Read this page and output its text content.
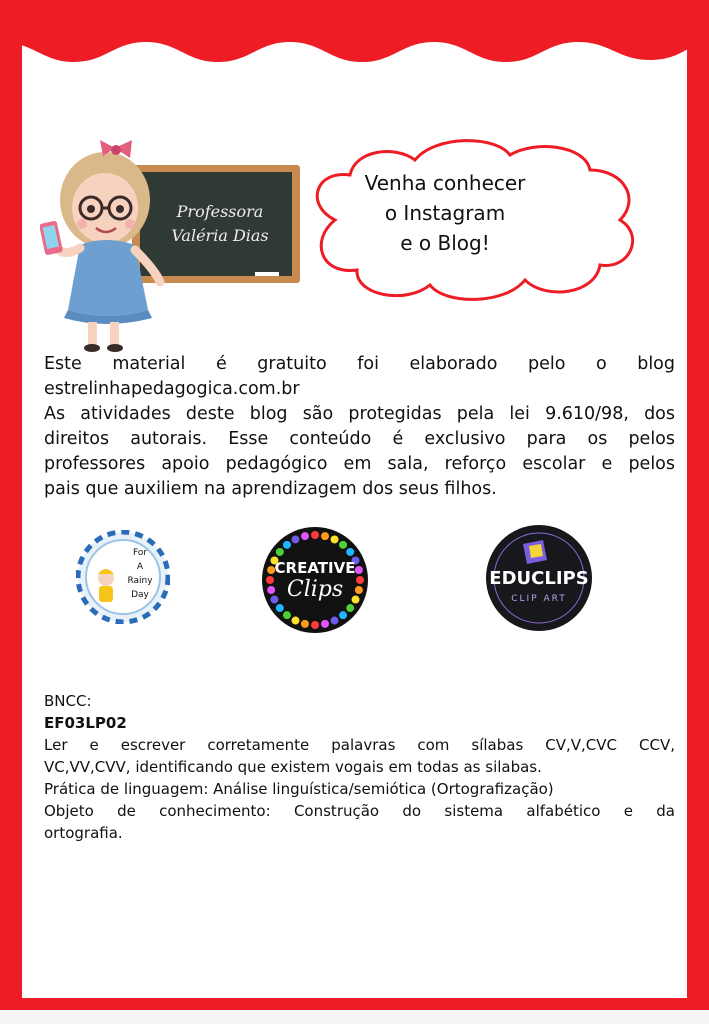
Professora
Valéria Dias
Venha conhecer
o Instagram
e o Blog!
Este material é gratuito foi elaborado pelo o blog
estrelinhapedagogica.com.br
As atividades deste blog são protegidas pela lei 9.610/98, dos
direitos autorais. Esse conteúdo é exclusivo para os pelos
professores apoio pedagógico em sala, reforço escolar e pelos
pais que auxiliem na aprendizagem dos seus filhos.
For
A
Rainy
Day
CREATIVE
Clips	EDUCLIPS
CLIP ART
BNCC:
EF03LP02
Ler e escrever corretamente palavras com sílabas CV,V,CVC CCV,
VC,VV,CVV, identificando que existem vogais em todas as silabas.
Prática de linguagem: Análise linguística/semiótica (Ortografização)
Objeto de conhecimento: Construção do sistema alfabético e da
ortografia.
